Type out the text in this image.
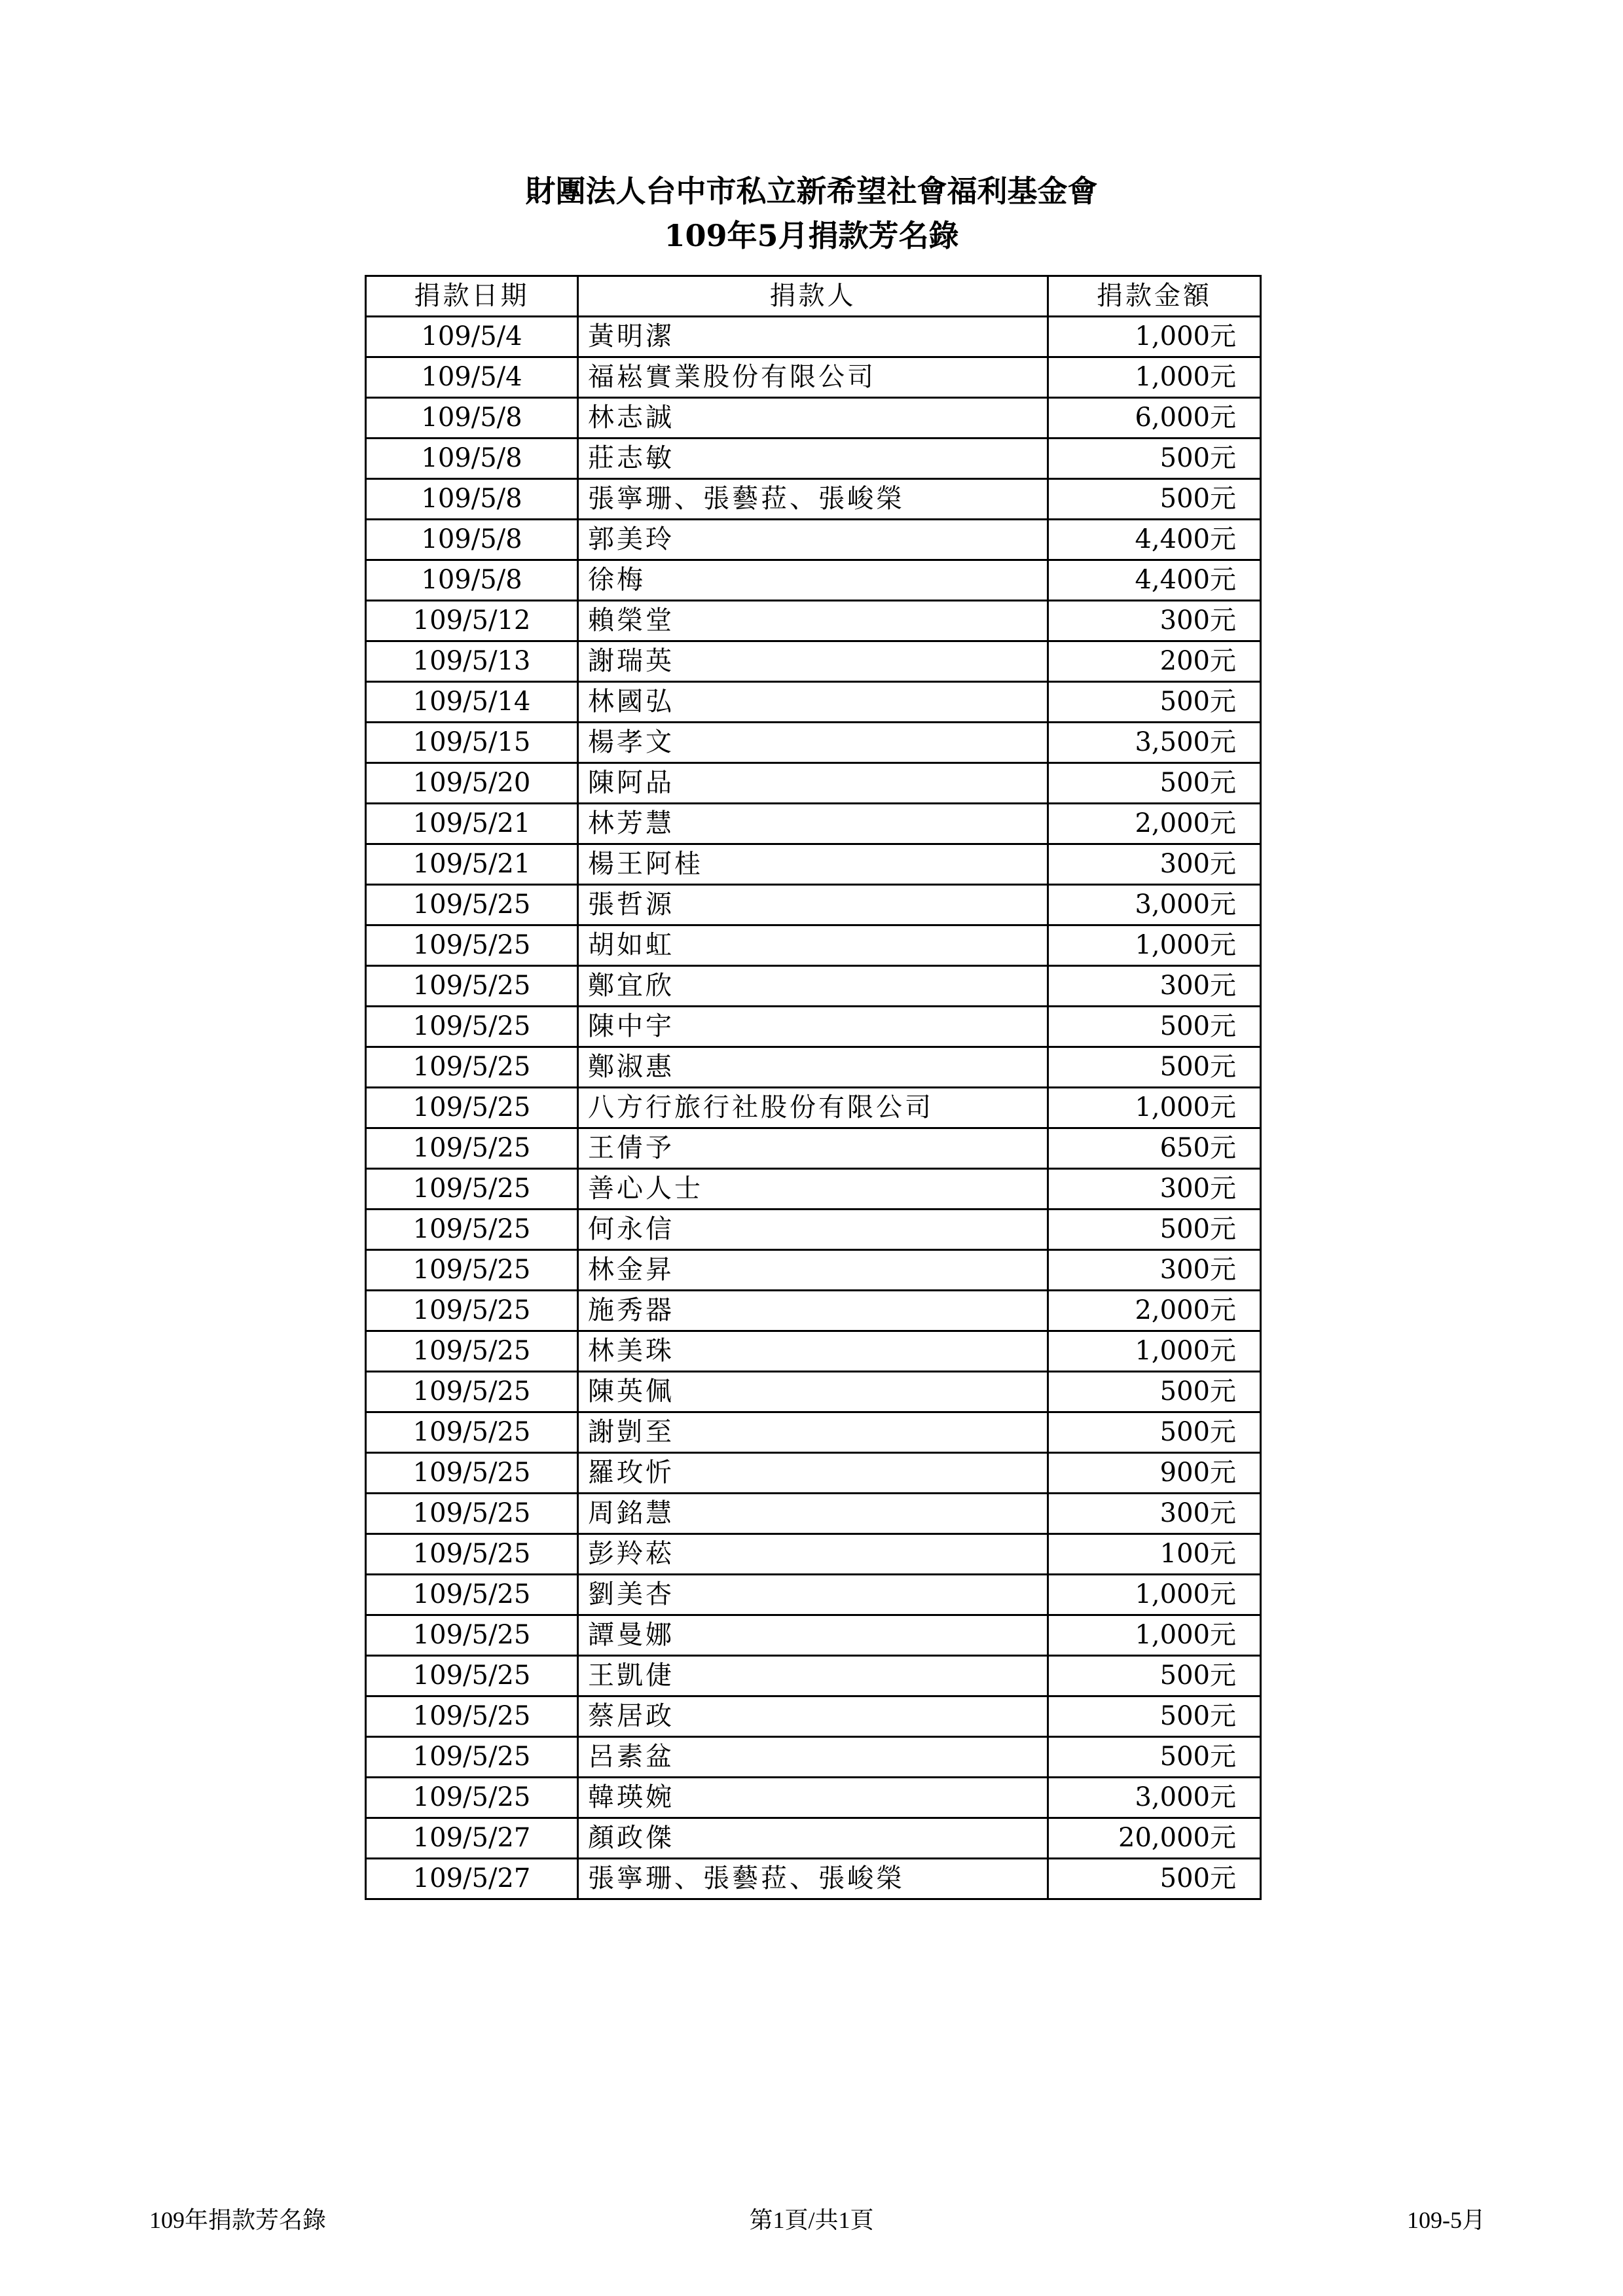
財團法人台中市私立新希望社會福利基金會
109年5月捐款芳名錄
捐款日期	捐款人	捐款金額
109/5/4	黃明潔	1,000元
109/5/4	福崧實業股份有限公司	1,000元
109/5/8	林志誠	6,000元
109/5/8	莊志敏	500元
109/5/8	張寧珊、張藝菈、張峻榮	500元
109/5/8	郭美玲	4,400元
109/5/8	徐梅	4,400元
109/5/12	賴榮堂	300元
109/5/13	謝瑞英	200元
109/5/14	林國弘	500元
109/5/15	楊孝文	3,500元
109/5/20	陳阿品	500元
109/5/21	林芳慧	2,000元
109/5/21	楊王阿桂	300元
109/5/25	張哲源	3,000元
109/5/25	胡如虹	1,000元
109/5/25	鄭宜欣	300元
109/5/25	陳中宇	500元
109/5/25	鄭淑惠	500元
109/5/25	八方行旅行社股份有限公司	1,000元
109/5/25	王倩予	650元
109/5/25	善心人士	300元
109/5/25	何永信	500元
109/5/25	林金昇	300元
109/5/25	施秀器	2,000元
109/5/25	林美珠	1,000元
109/5/25	陳英佩	500元
109/5/25	謝剴至	500元
109/5/25	羅玫忻	900元
109/5/25	周銘慧	300元
109/5/25	彭羚菘	100元
109/5/25	劉美杏	1,000元
109/5/25	譚曼娜	1,000元
109/5/25	王凱倢	500元
109/5/25	蔡居政	500元
109/5/25	呂素盆	500元
109/5/25	韓瑛婉	3,000元
109/5/27	顏政傑	20,000元
109/5/27	張寧珊、張藝菈、張峻榮	500元
109年捐款芳名錄	第1頁/共1頁	109-5月
